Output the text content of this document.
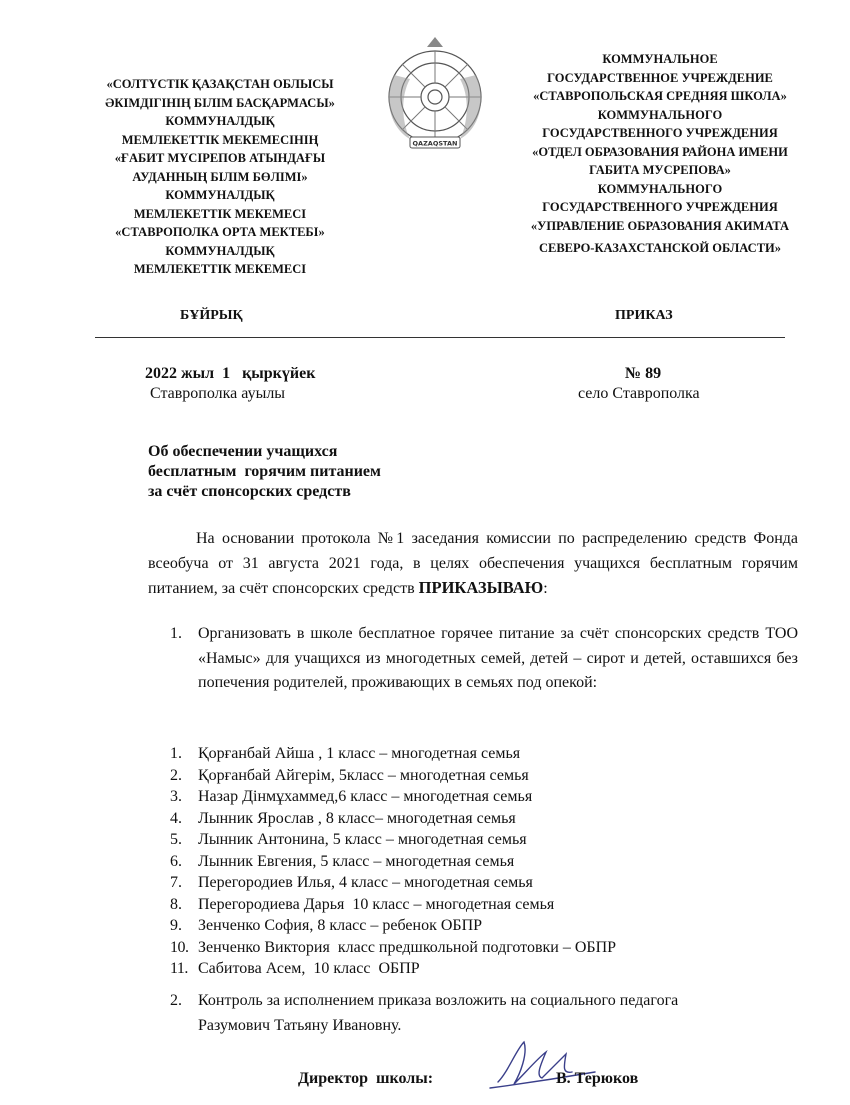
«СОЛТҮСТІК ҚАЗАҚСТАН ОБЛЫСЫ
ӘКІМДІГІНІҢ БІЛІМ БАСҚАРМАСЫ»
КОММУНАЛДЫҚ
МЕМЛЕКЕТТІК МЕКЕМЕСІНІҢ
«ҒАБИТ МҮСІРЕПОВ АТЫНДАҒЫ
АУДАННЫҢ БІЛІМ БӨЛІМІ»
КОММУНАЛДЫҚ
МЕМЛЕКЕТТІК МЕКЕМЕСІ
«СТАВРОПОЛКА ОРТА МЕКТЕБІ»
КОММУНАЛДЫҚ
МЕМЛЕКЕТТІК МЕКЕМЕСІ
QAZAQSTAN
КОММУНАЛЬНОЕ
ГОСУДАРСТВЕННОЕ УЧРЕЖДЕНИЕ
«СТАВРОПОЛЬСКАЯ СРЕДНЯЯ ШКОЛА»
КОММУНАЛЬНОГО
ГОСУДАРСТВЕННОГО УЧРЕЖДЕНИЯ
«ОТДЕЛ ОБРАЗОВАНИЯ РАЙОНА ИМЕНИ
ГАБИТА МУСРЕПОВА»
КОММУНАЛЬНОГО
ГОСУДАРСТВЕННОГО УЧРЕЖДЕНИЯ
«УПРАВЛЕНИЕ ОБРАЗОВАНИЯ АКИМАТА
СЕВЕРО-КАЗАХСТАНСКОЙ ОБЛАСТИ»
БҰЙРЫҚ	ПРИКАЗ
2022 жыл  1   қыркүйек
Ставрополка ауылы
№ 89
село Ставрополка
Об обеспечении учащихся
бесплатным  горячим питанием
за счёт спонсорских средств
На основании протокола №1 заседания комиссии по распределению средств Фонда всеобуча от 31 августа 2021 года, в целях обеспечения учащихся бесплатным горячим питанием, за счёт спонсорских средств ПРИКАЗЫВАЮ:
1. Организовать в школе бесплатное горячее питание за счёт спонсорских средств ТОО «Намыс» для учащихся из многодетных семей, детей – сирот и детей, оставшихся без попечения родителей, проживающих в семьях под опекой:
1. Қорғанбай Айша , 1 класс – многодетная семья
2. Қорғанбай Айгерім, 5класс – многодетная семья
3. Назар Дінмұхаммед,6 класс – многодетная семья
4. Лынник Ярослав , 8 класс– многодетная семья
5. Лынник Антонина, 5 класс – многодетная семья
6. Лынник Евгения, 5 класс – многодетная семья
7. Перегородиев Илья, 4 класс – многодетная семья
8. Перегородиева Дарья  10 класс – многодетная семья
9. Зенченко София, 8 класс – ребенок ОБПР
10. Зенченко Виктория  класс предшкольной подготовки – ОБПР
11. Сабитова Асем,  10 класс  ОБПР
2. Контроль за исполнением приказа возложить на социального педагога
Разумович Татьяну Ивановну.
Директор школы:	В. Терюков
